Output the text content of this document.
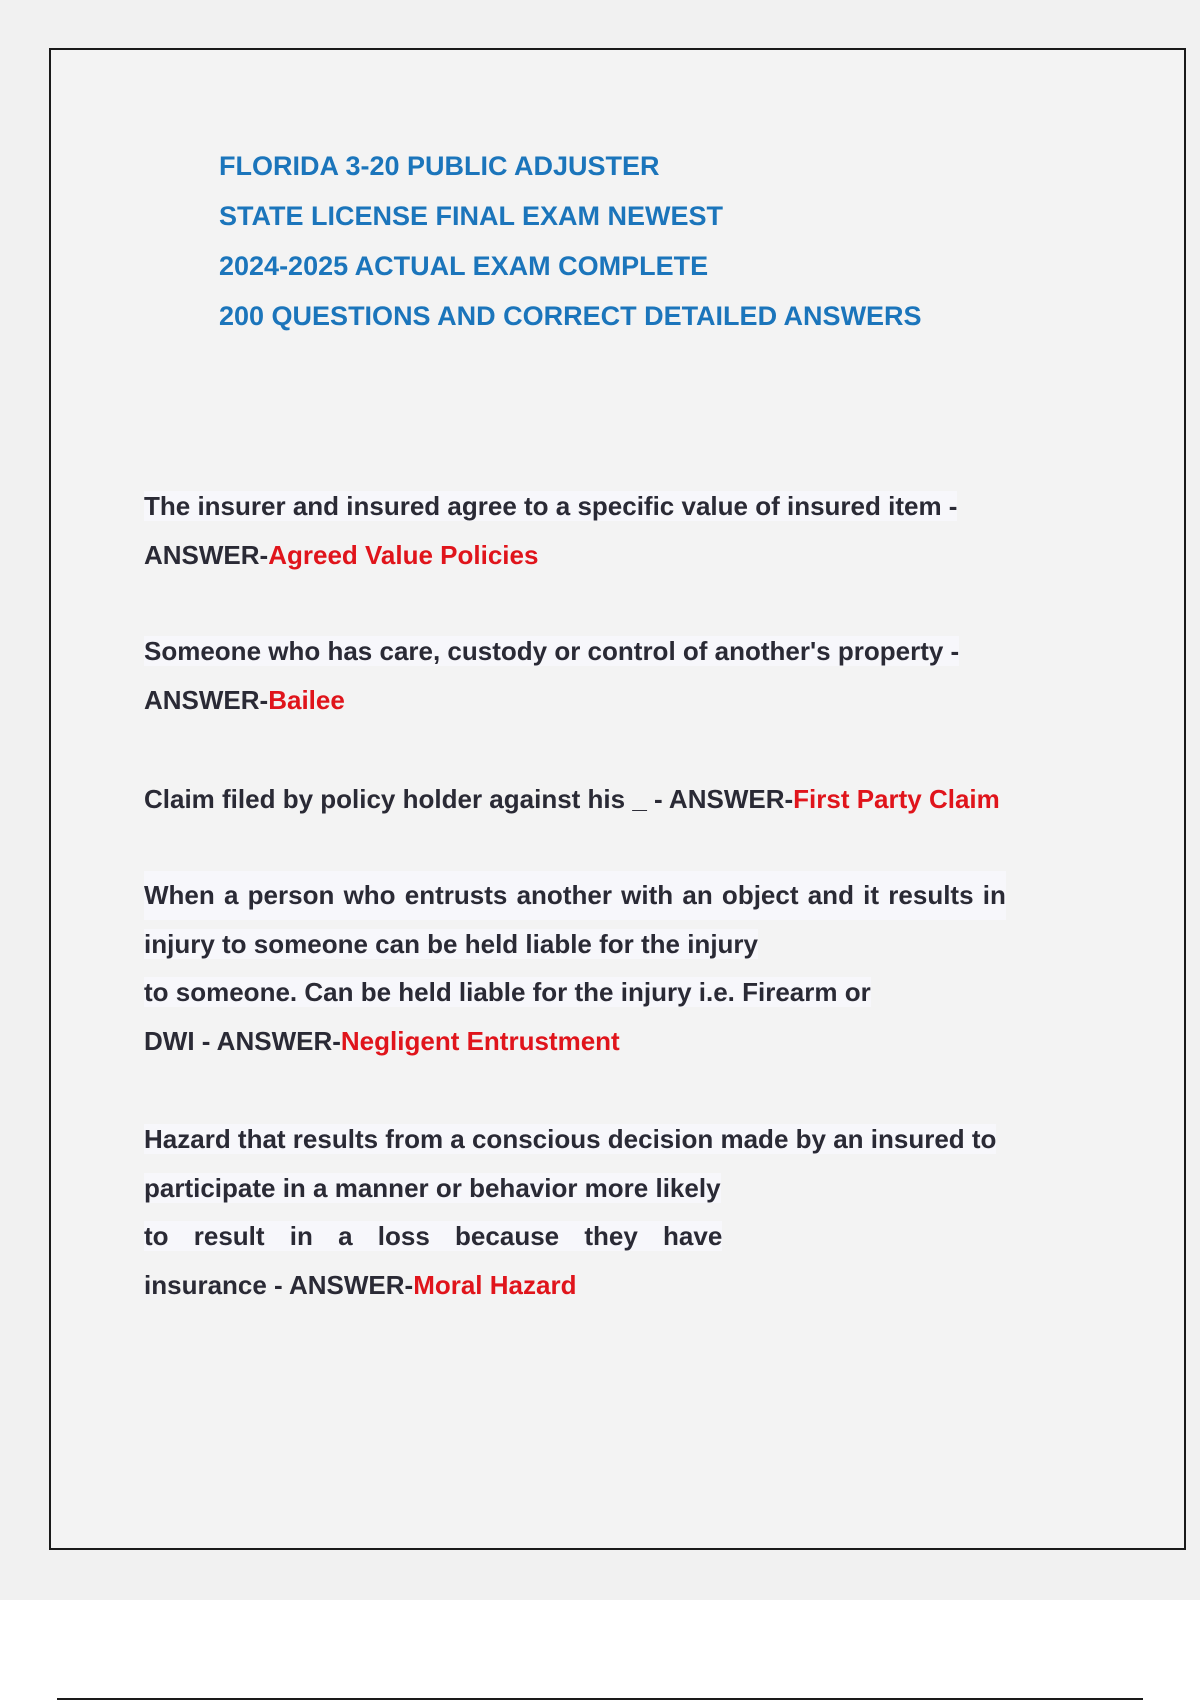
FLORIDA 3-20 PUBLIC ADJUSTER
STATE LICENSE FINAL EXAM NEWEST
2024-2025 ACTUAL EXAM COMPLETE
200 QUESTIONS AND CORRECT DETAILED ANSWERS
The insurer and insured agree to a specific value of insured item -
ANSWER-Agreed Value Policies
Someone who has care, custody or control of another's property -
ANSWER-Bailee
Claim filed by policy holder against his _ - ANSWER-First Party Claim
When a person who entrusts another with an object and it results in
injury to someone can be held liable for the injury
to someone. Can be held liable for the injury i.e. Firearm or
DWI - ANSWER-Negligent Entrustment
Hazard that results from a conscious decision made by an insured to
participate in a manner or behavior more likely
to result in a loss because they have
insurance - ANSWER-Moral Hazard
